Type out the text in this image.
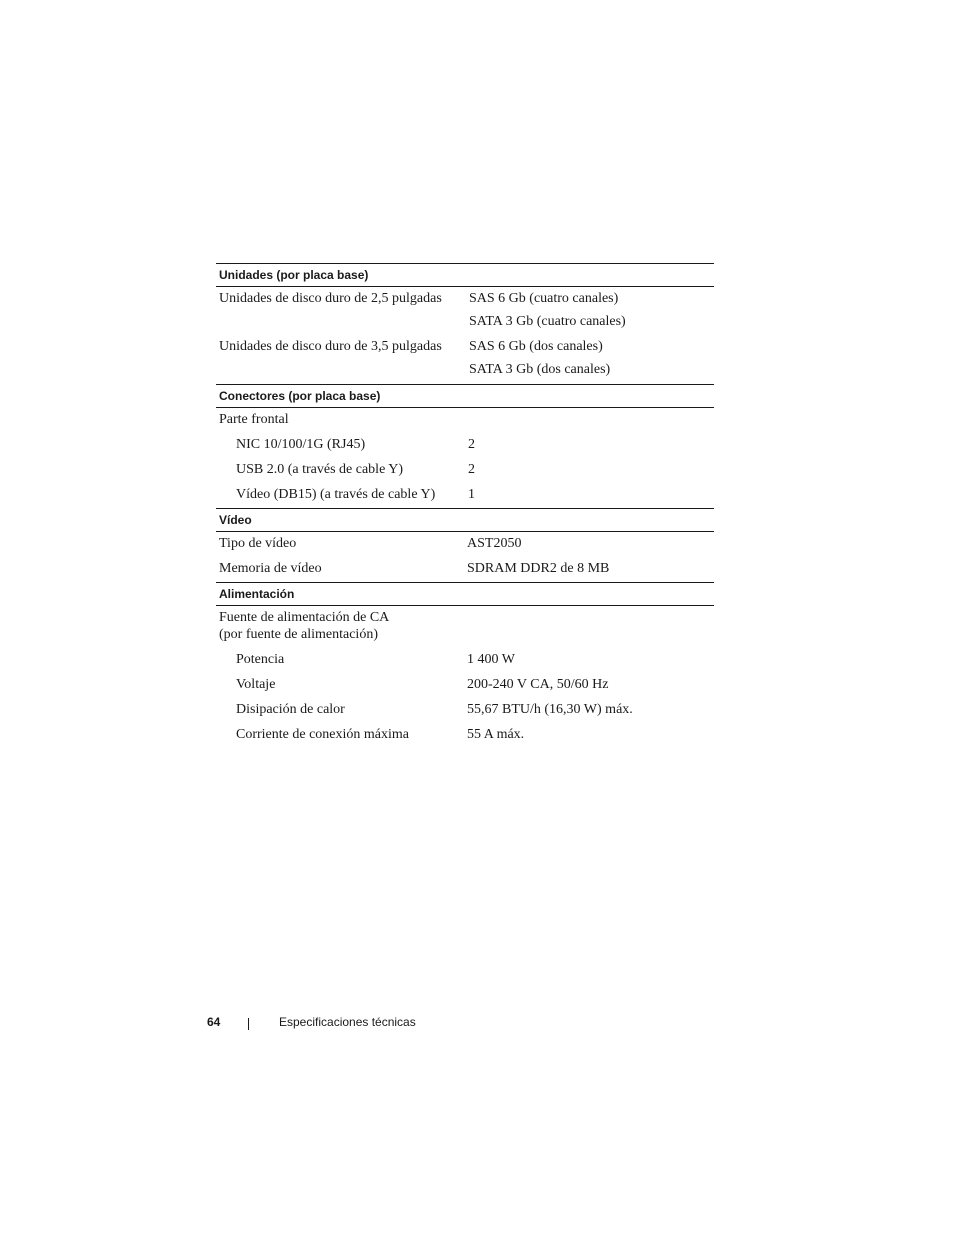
Unidades (por placa base)
Unidades de disco duro de 2,5 pulgadas	SAS 6 Gb (cuatro canales)
SATA 3 Gb (cuatro canales)
Unidades de disco duro de 3,5 pulgadas	SAS 6 Gb (dos canales)
SATA 3 Gb (dos canales)
Conectores (por placa base)
Parte frontal
NIC 10/100/1G (RJ45)	2
USB 2.0 (a través de cable Y)	2
Vídeo (DB15) (a través de cable Y)	1
Vídeo
Tipo de vídeo	AST2050
Memoria de vídeo	SDRAM DDR2 de 8 MB
Alimentación
Fuente de alimentación de CA
(por fuente de alimentación)
Potencia	1 400 W
Voltaje	200-240 V CA, 50/60 Hz
Disipación de calor	55,67 BTU/h (16,30 W) máx.
Corriente de conexión máxima	55 A máx.
64	Especificaciones técnicas
